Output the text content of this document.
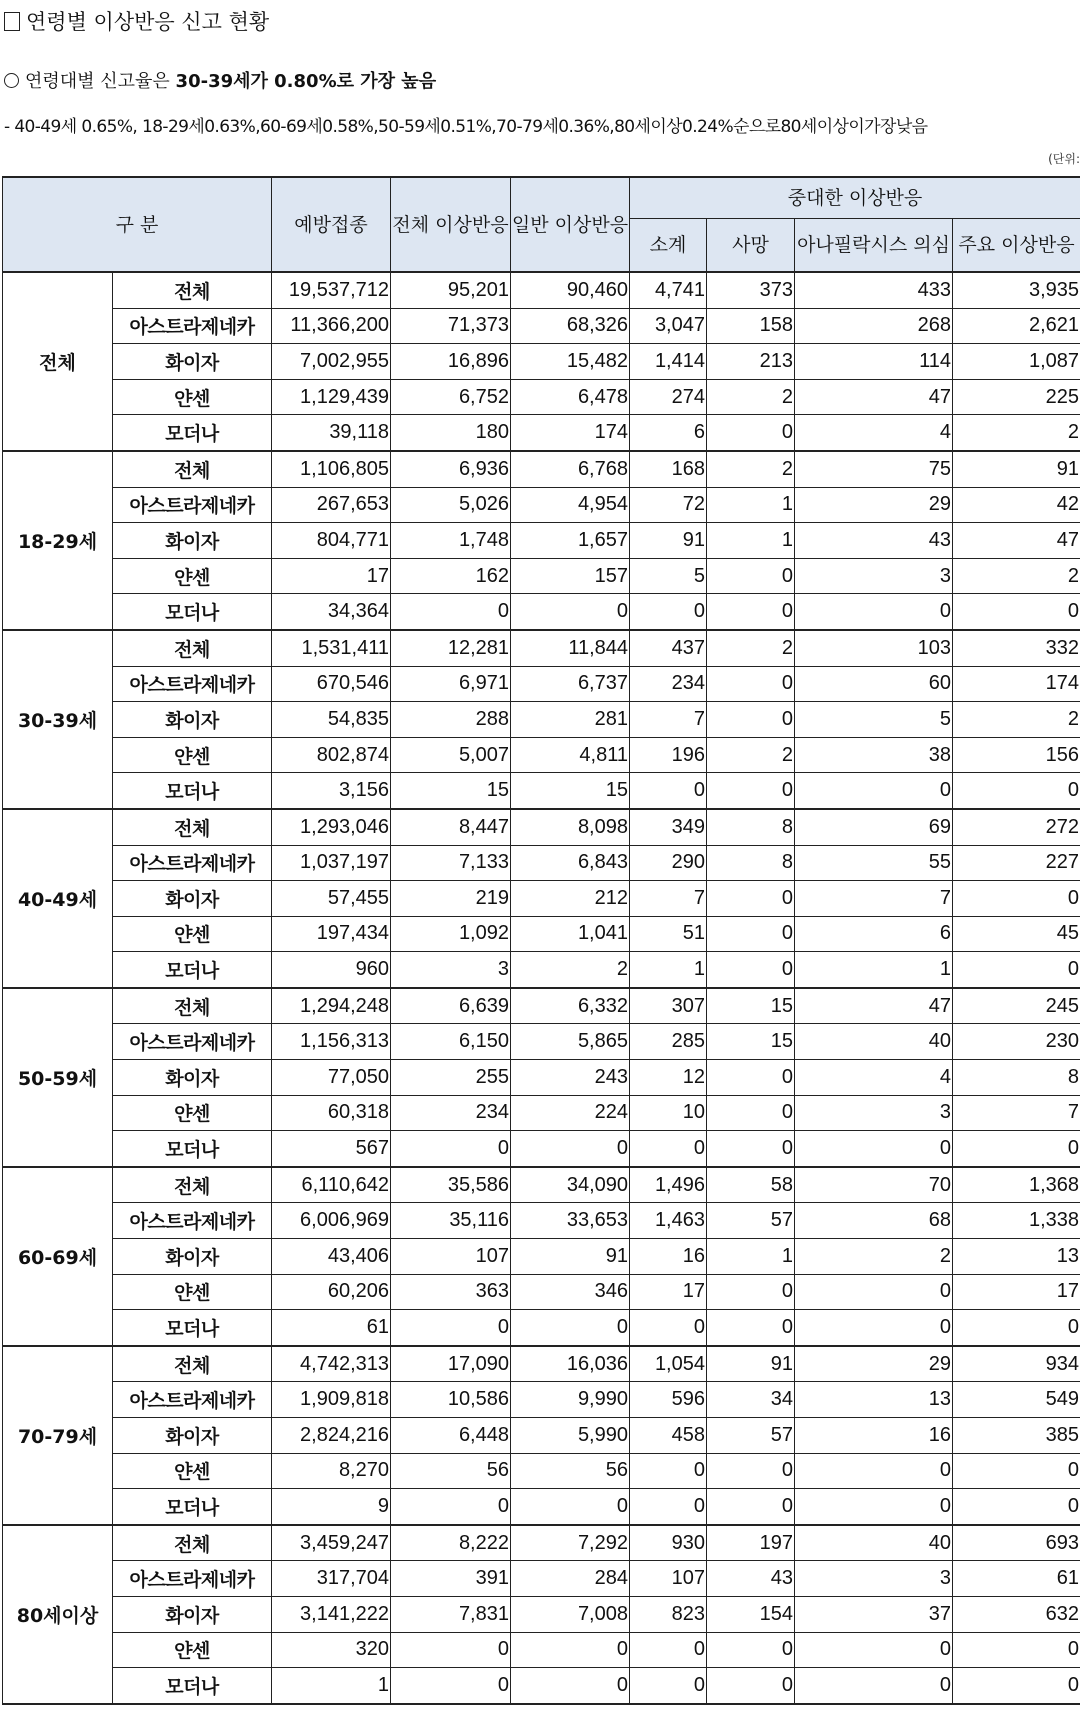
연령별 이상반응 신고 현황
연령대별 신고율은 30-39세가 0.80%로 가장 높음
- 40-49세 0.65%, 18-29세0.63%,60-69세0.58%,50-59세0.51%,70-79세0.36%,80세이상0.24%순으로80세이상이가장낮음
(단위:
구 분		예방접종	전체 이상반응	일반 이상반응	중대한 이상반응			
					소계	사망	아나필락시스 의심	주요 이상반응
전체	전체	19,537,712	95,201	90,460	4,741	373	433	3,935
	아스트라제네카	11,366,200	71,373	68,326	3,047	158	268	2,621
	화이자	7,002,955	16,896	15,482	1,414	213	114	1,087
	얀센	1,129,439	6,752	6,478	274	2	47	225
	모더나	39,118	180	174	6	0	4	2
18-29세	전체	1,106,805	6,936	6,768	168	2	75	91
	아스트라제네카	267,653	5,026	4,954	72	1	29	42
	화이자	804,771	1,748	1,657	91	1	43	47
	얀센	17	162	157	5	0	3	2
	모더나	34,364	0	0	0	0	0	0
30-39세	전체	1,531,411	12,281	11,844	437	2	103	332
	아스트라제네카	670,546	6,971	6,737	234	0	60	174
	화이자	54,835	288	281	7	0	5	2
	얀센	802,874	5,007	4,811	196	2	38	156
	모더나	3,156	15	15	0	0	0	0
40-49세	전체	1,293,046	8,447	8,098	349	8	69	272
	아스트라제네카	1,037,197	7,133	6,843	290	8	55	227
	화이자	57,455	219	212	7	0	7	0
	얀센	197,434	1,092	1,041	51	0	6	45
	모더나	960	3	2	1	0	1	0
50-59세	전체	1,294,248	6,639	6,332	307	15	47	245
	아스트라제네카	1,156,313	6,150	5,865	285	15	40	230
	화이자	77,050	255	243	12	0	4	8
	얀센	60,318	234	224	10	0	3	7
	모더나	567	0	0	0	0	0	0
60-69세	전체	6,110,642	35,586	34,090	1,496	58	70	1,368
	아스트라제네카	6,006,969	35,116	33,653	1,463	57	68	1,338
	화이자	43,406	107	91	16	1	2	13
	얀센	60,206	363	346	17	0	0	17
	모더나	61	0	0	0	0	0	0
70-79세	전체	4,742,313	17,090	16,036	1,054	91	29	934
	아스트라제네카	1,909,818	10,586	9,990	596	34	13	549
	화이자	2,824,216	6,448	5,990	458	57	16	385
	얀센	8,270	56	56	0	0	0	0
	모더나	9	0	0	0	0	0	0
80세이상	전체	3,459,247	8,222	7,292	930	197	40	693
	아스트라제네카	317,704	391	284	107	43	3	61
	화이자	3,141,222	7,831	7,008	823	154	37	632
	얀센	320	0	0	0	0	0	0
	모더나	1	0	0	0	0	0	0
